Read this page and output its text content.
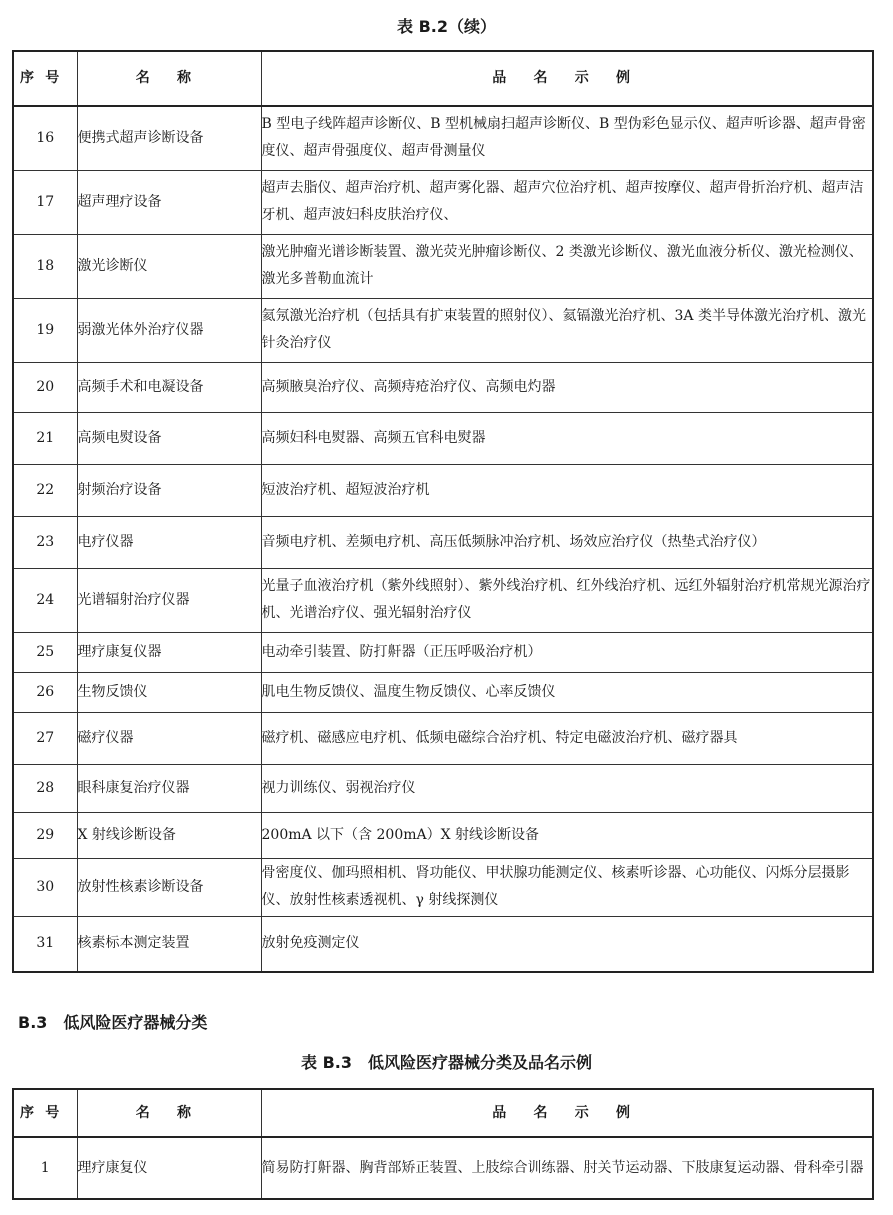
表 B.2（续）
序号	名 称	品 名 示 例
16	便携式超声诊断设备	B 型电子线阵超声诊断仪、B 型机械扇扫超声诊断仪、B 型伪彩色显示仪、超声听诊器、超声骨密度仪、超声骨强度仪、超声骨测量仪
17	超声理疗设备	超声去脂仪、超声治疗机、超声雾化器、超声穴位治疗机、超声按摩仪、超声骨折治疗机、超声洁牙机、超声波妇科皮肤治疗仪、
18	激光诊断仪	激光肿瘤光谱诊断装置、激光荧光肿瘤诊断仪、2 类激光诊断仪、激光血液分析仪、激光检测仪、激光多普勒血流计
19	弱激光体外治疗仪器	氦氖激光治疗机（包括具有扩束装置的照射仪）、氦镉激光治疗机、3A 类半导体激光治疗机、激光针灸治疗仪
20	高频手术和电凝设备	高频腋臭治疗仪、高频痔疮治疗仪、高频电灼器
21	高频电熨设备	高频妇科电熨器、高频五官科电熨器
22	射频治疗设备	短波治疗机、超短波治疗机
23	电疗仪器	音频电疗机、差频电疗机、高压低频脉冲治疗机、场效应治疗仪（热垫式治疗仪）
24	光谱辐射治疗仪器	光量子血液治疗机（紫外线照射）、紫外线治疗机、红外线治疗机、远红外辐射治疗机常规光源治疗机、光谱治疗仪、强光辐射治疗仪
25	理疗康复仪器	电动牵引装置、防打鼾器（正压呼吸治疗机）
26	生物反馈仪	肌电生物反馈仪、温度生物反馈仪、心率反馈仪
27	磁疗仪器	磁疗机、磁感应电疗机、低频电磁综合治疗机、特定电磁波治疗机、磁疗器具
28	眼科康复治疗仪器	视力训练仪、弱视治疗仪
29	X 射线诊断设备	200mA 以下（含 200mA）X 射线诊断设备
30	放射性核素诊断设备	骨密度仪、伽玛照相机、肾功能仪、甲状腺功能测定仪、核素听诊器、心功能仪、闪烁分层摄影仪、放射性核素透视机、γ 射线探测仪
31	核素标本测定装置	放射免疫测定仪
B.3　低风险医疗器械分类
表 B.3　低风险医疗器械分类及品名示例
序号	名 称	品 名 示 例
1	理疗康复仪	简易防打鼾器、胸背部矫正装置、上肢综合训练器、肘关节运动器、下肢康复运动器、骨科牵引器
